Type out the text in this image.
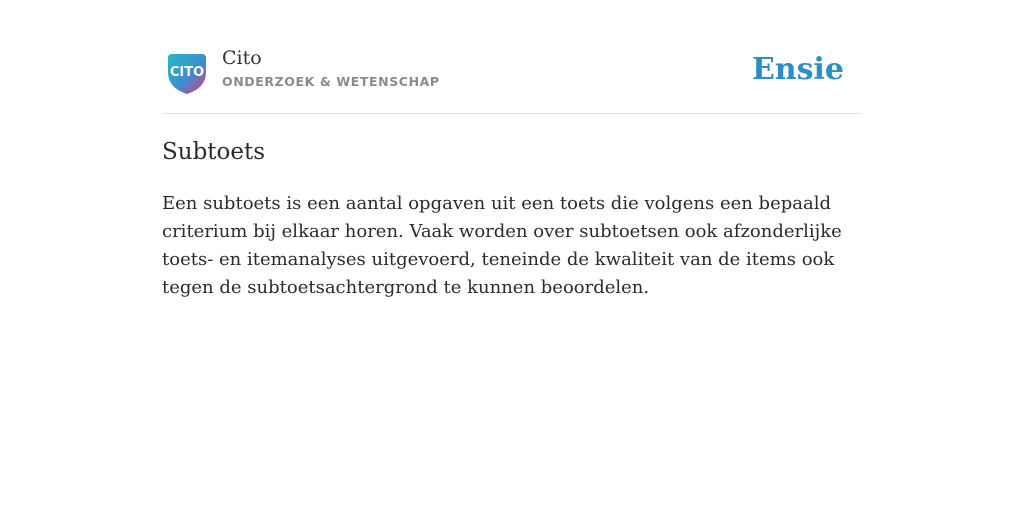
CITO
Cito
ONDERZOEK & WETENSCHAP	Ensie
Subtoets

Een subtoets is een aantal opgaven uit een toets die volgens een bepaald criterium bij elkaar horen. Vaak worden over subtoetsen ook afzonderlijke toets- en itemanalyses uitgevoerd, teneinde de kwaliteit van de items ook tegen de subtoetsachtergrond te kunnen beoordelen.
